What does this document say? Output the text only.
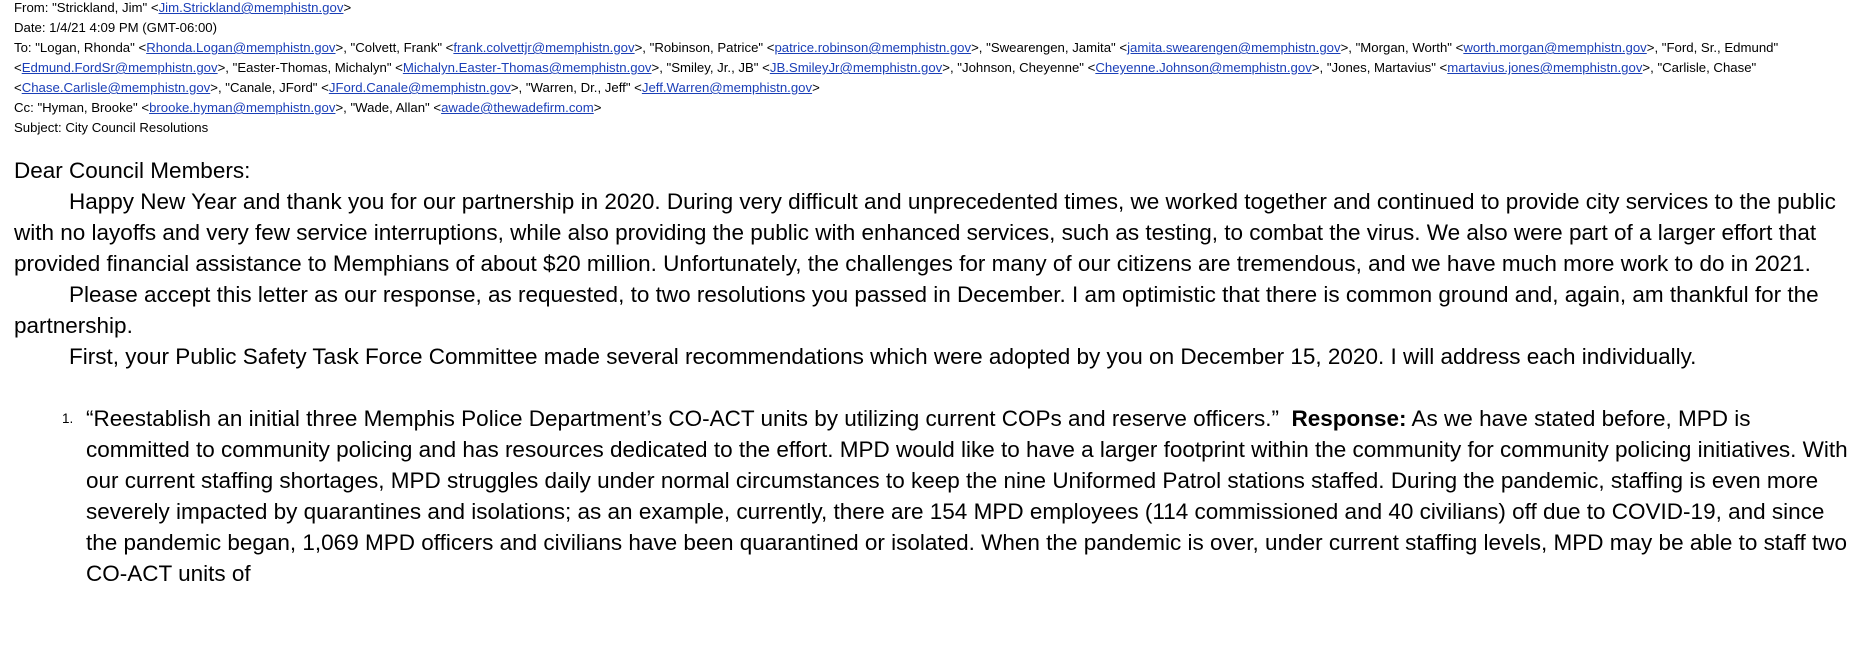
From: "Strickland, Jim" <Jim.Strickland@memphistn.gov>
Date: 1/4/21 4:09 PM (GMT-06:00)
To: "Logan, Rhonda" <Rhonda.Logan@memphistn.gov>, "Colvett, Frank" <frank.colvettjr@memphistn.gov>, "Robinson, Patrice" <patrice.robinson@memphistn.gov>, "Swearengen, Jamita" <jamita.swearengen@memphistn.gov>, "Morgan, Worth" <worth.morgan@memphistn.gov>, "Ford, Sr., Edmund"
<Edmund.FordSr@memphistn.gov>, "Easter-Thomas, Michalyn" <Michalyn.Easter-Thomas@memphistn.gov>, "Smiley, Jr., JB" <JB.SmileyJr@memphistn.gov>, "Johnson, Cheyenne" <Cheyenne.Johnson@memphistn.gov>, "Jones, Martavius" <martavius.jones@memphistn.gov>, "Carlisle, Chase"
<Chase.Carlisle@memphistn.gov>, "Canale, JFord" <JFord.Canale@memphistn.gov>, "Warren, Dr., Jeff" <Jeff.Warren@memphistn.gov>
Cc: "Hyman, Brooke" <brooke.hyman@memphistn.gov>, "Wade, Allan" <awade@thewadefirm.com>
Subject: City Council Resolutions
Dear Council Members:

Happy New Year and thank you for our partnership in 2020. During very difficult and unprecedented times, we worked together and continued to provide city services to the public with no layoffs and very few service interruptions, while also providing the public with enhanced services, such as testing, to combat the virus. We also were part of a larger effort that provided financial assistance to Memphians of about $20 million. Unfortunately, the challenges for many of our citizens are tremendous, and we have much more work to do in 2021.

Please accept this letter as our response, as requested, to two resolutions you passed in December. I am optimistic that there is common ground and, again, am thankful for the partnership.

First, your Public Safety Task Force Committee made several recommendations which were adopted by you on December 15, 2020. I will address each individually.

1. “Reestablish an initial three Memphis Police Department’s CO-ACT units by utilizing current COPs and reserve officers.” Response: As we have stated before, MPD is committed to community policing and has resources dedicated to the effort. MPD would like to have a larger footprint within the community for community policing initiatives. With our current staffing shortages, MPD struggles daily under normal circumstances to keep the nine Uniformed Patrol stations staffed. During the pandemic, staffing is even more severely impacted by quarantines and isolations; as an example, currently, there are 154 MPD employees (114 commissioned and 40 civilians) off due to COVID-19, and since the pandemic began, 1,069 MPD officers and civilians have been quarantined or isolated. When the pandemic is over, under current staffing levels, MPD may be able to staff two CO-ACT units of
